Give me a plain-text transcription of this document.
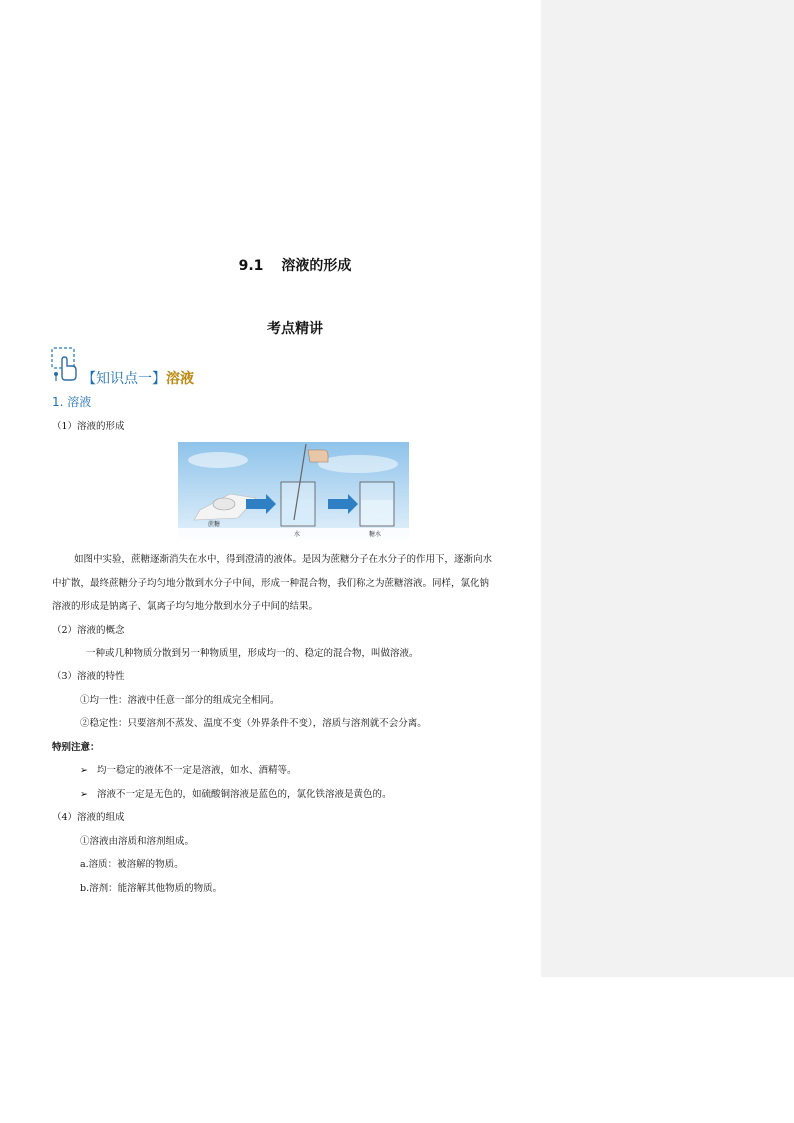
9.1 溶液的形成
考点精讲
【知识点一】溶液
1. 溶液
（1）溶液的形成
蔗糖
水	糖水
如图中实验，蔗糖逐渐消失在水中，得到澄清的液体。是因为蔗糖分子在水分子的作用下，逐渐向水
中扩散，最终蔗糖分子均匀地分散到水分子中间，形成一种混合物，我们称之为蔗糖溶液。同样，氯化钠
溶液的形成是钠离子、氯离子均匀地分散到水分子中间的结果。
（2）溶液的概念
一种或几种物质分散到另一种物质里，形成均一的、稳定的混合物，叫做溶液。
（3）溶液的特性
①均一性：溶液中任意一部分的组成完全相同。
②稳定性：只要溶剂不蒸发、温度不变（外界条件不变），溶质与溶剂就不会分离。
特别注意：
➢ 均一稳定的液体不一定是溶液，如水、酒精等。
➢ 溶液不一定是无色的，如硫酸铜溶液是蓝色的，氯化铁溶液是黄色的。
（4）溶液的组成
①溶液由溶质和溶剂组成。
a.溶质：被溶解的物质。
b.溶剂：能溶解其他物质的物质。
